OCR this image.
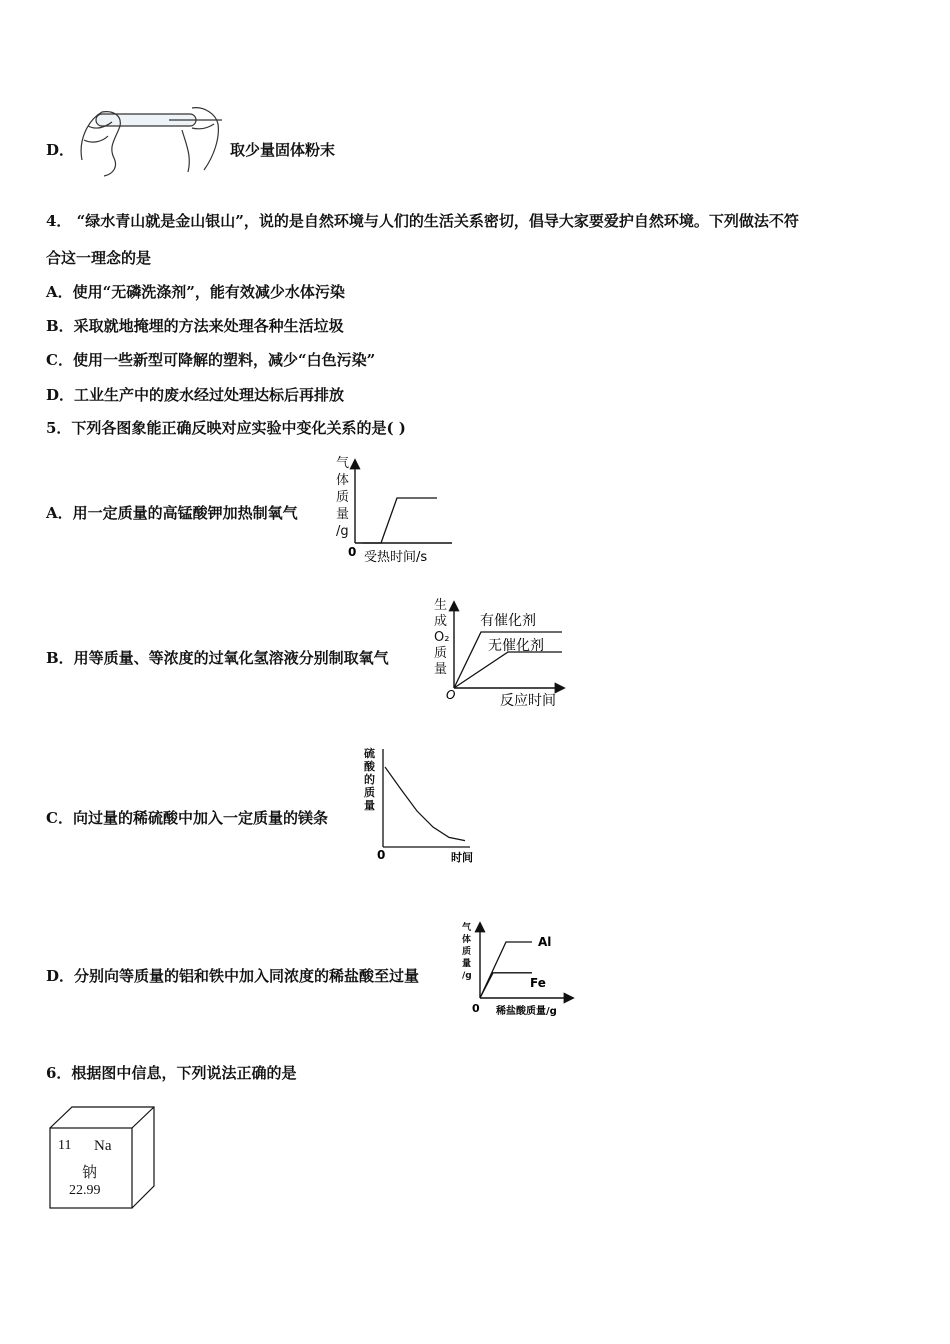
D．	取少量固体粉末
4． “绿水青山就是金山银山”，说的是自然环境与人们的生活关系密切，倡导大家要爱护自然环境。下列做法不符
合这一理念的是
A．使用“无磷洗涤剂”，能有效减少水体污染
B．采取就地掩埋的方法来处理各种生活垃圾
C．使用一些新型可降解的塑料，减少“白色污染”
D．工业生产中的废水经过处理达标后再排放
5．下列各图象能正确反映对应实验中变化关系的是( )
A．用一定质量的高锰酸钾加热制氧气
B．用等质量、等浓度的过氧化氢溶液分别制取氧气
C．向过量的稀硫酸中加入一定质量的镁条
D．分别向等质量的铝和铁中加入同浓度的稀盐酸至过量
气
体
质
量
/g
0 受热时间/s
生
成
O₂
质
量
O	反应时间
有催化剂
无催化剂
硫
酸
的
质
量
0	时间
气
体
质
量
/g
0 稀盐酸质量/g
Al
Fe
6．根据图中信息，下列说法正确的是
11 Na
钠
22.99
